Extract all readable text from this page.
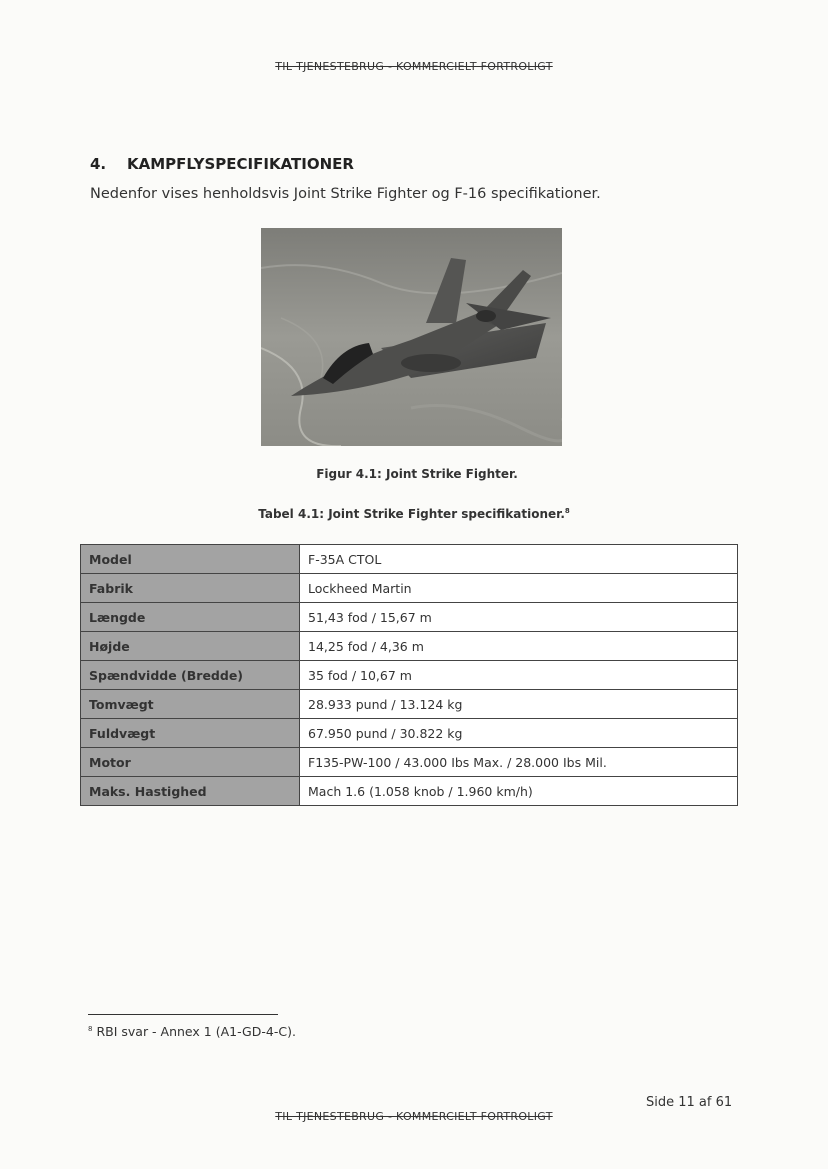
TIL TJENESTEBRUG - KOMMERCIELT FORTROLIGT
4. KAMPFLYSPECIFIKATIONER

Nedenfor vises henholdsvis Joint Strike Fighter og F-16 specifikationer.

Figur 4.1: Joint Strike Fighter.

Tabel 4.1: Joint Strike Fighter specifikationer.$^8$

Model	F-35A CTOL
Fabrik	Lockheed Martin
Længde	51,43 fod / 15,67 m
Højde	14,25 fod / 4,36 m
Spændvidde (Bredde)	35 fod / 10,67 m
Tomvægt	28.933 pund / 13.124 kg
Fuldvægt	67.950 pund / 30.822 kg
Motor	F135-PW-100 / 43.000 Ibs Max. / 28.000 Ibs Mil.
Maks. Hastighed	Mach 1.6 (1.058 knob / 1.960 km/h)

$^8$ RBI svar - Annex 1 (A1-GD-4-C).

Side 11 af 61
TIL TJENESTEBRUG - KOMMERCIELT FORTROLIGT
